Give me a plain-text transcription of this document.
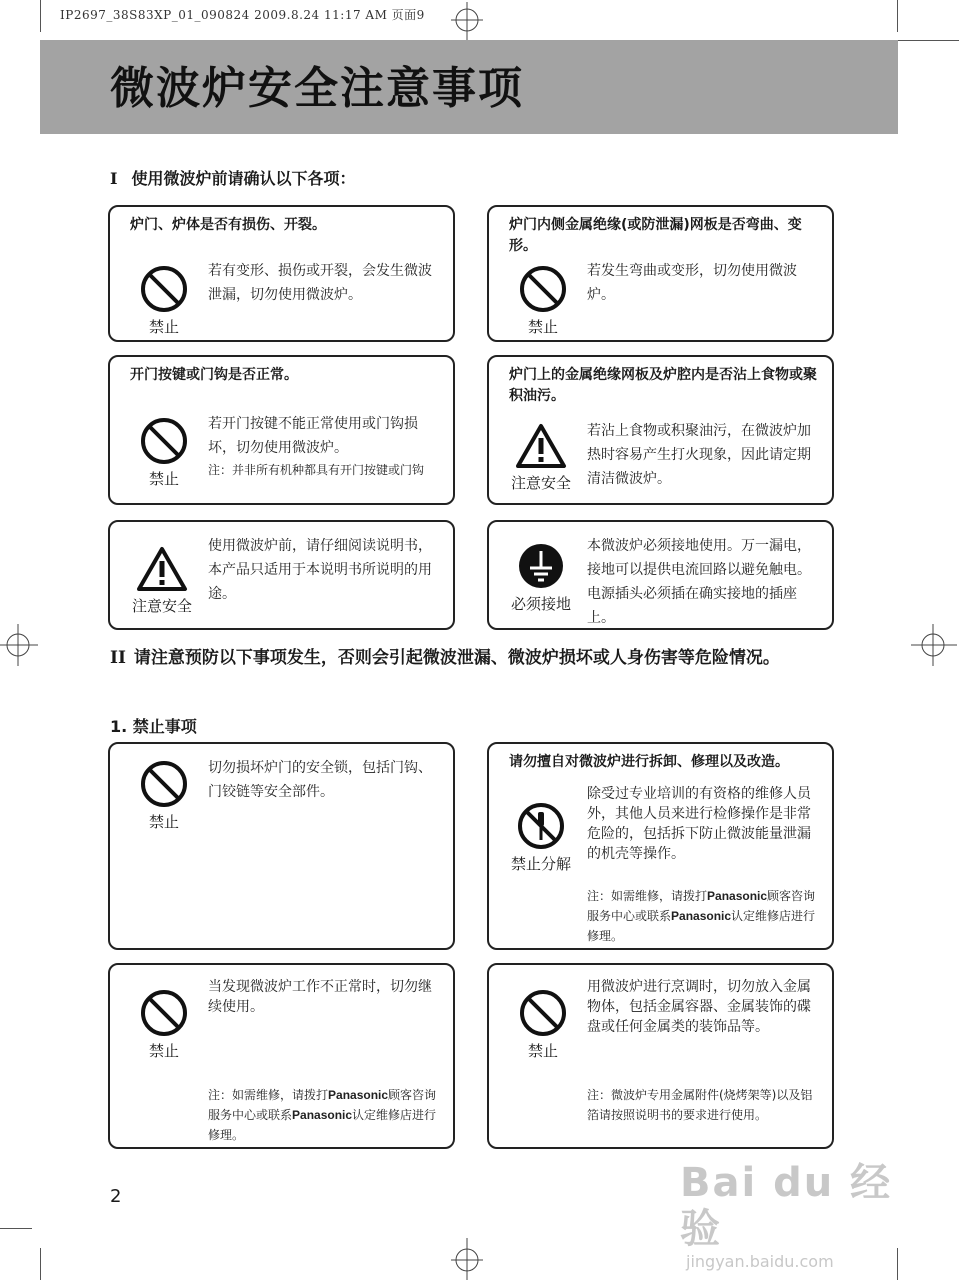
IP2697_38S83XP_01_090824 2009.8.24 11:17 AM 页面9
微波炉安全注意事项
I 使用微波炉前请确认以下各项：
炉门、炉体是否有损伤、开裂。
禁止
若有变形、损伤或开裂，会发生微波泄漏，切勿使用微波炉。
炉门内侧金属绝缘(或防泄漏)网板是否弯曲、变形。
禁止
若发生弯曲或变形，切勿使用微波炉。
开门按键或门钩是否正常。
禁止
若开门按键不能正常使用或门钩损坏，切勿使用微波炉。
注：并非所有机种都具有开门按键或门钩
炉门上的金属绝缘网板及炉腔内是否沾上食物或聚积油污。
注意安全
若沾上食物或积聚油污，在微波炉加热时容易产生打火现象，因此请定期清洁微波炉。
注意安全
使用微波炉前，请仔细阅读说明书，本产品只适用于本说明书所说明的用途。
必须接地
本微波炉必须接地使用。万一漏电，接地可以提供电流回路以避免触电。电源插头必须插在确实接地的插座上。
II 请注意预防以下事项发生，否则会引起微波泄漏、微波炉损坏或人身伤害等危险情况。
1. 禁止事项
禁止
切勿损坏炉门的安全锁，包括门钩、门铰链等安全部件。
请勿擅自对微波炉进行拆卸、修理以及改造。
禁止分解
除受过专业培训的有资格的维修人员外，其他人员来进行检修操作是非常危险的，包括拆下防止微波能量泄漏的机壳等操作。
注：如需维修，请拨打Panasonic顾客咨询服务中心或联系Panasonic认定维修店进行修理。
禁止
当发现微波炉工作不正常时，切勿继续使用。
注：如需维修，请拨打Panasonic顾客咨询服务中心或联系Panasonic认定维修店进行修理。
禁止
用微波炉进行烹调时，切勿放入金属物体，包括金属容器、金属装饰的碟盘或任何金属类的装饰品等。
注：微波炉专用金属附件(烧烤架等)以及铝箔请按照说明书的要求进行使用。
2	Bai du 经验
jingyan.baidu.com
